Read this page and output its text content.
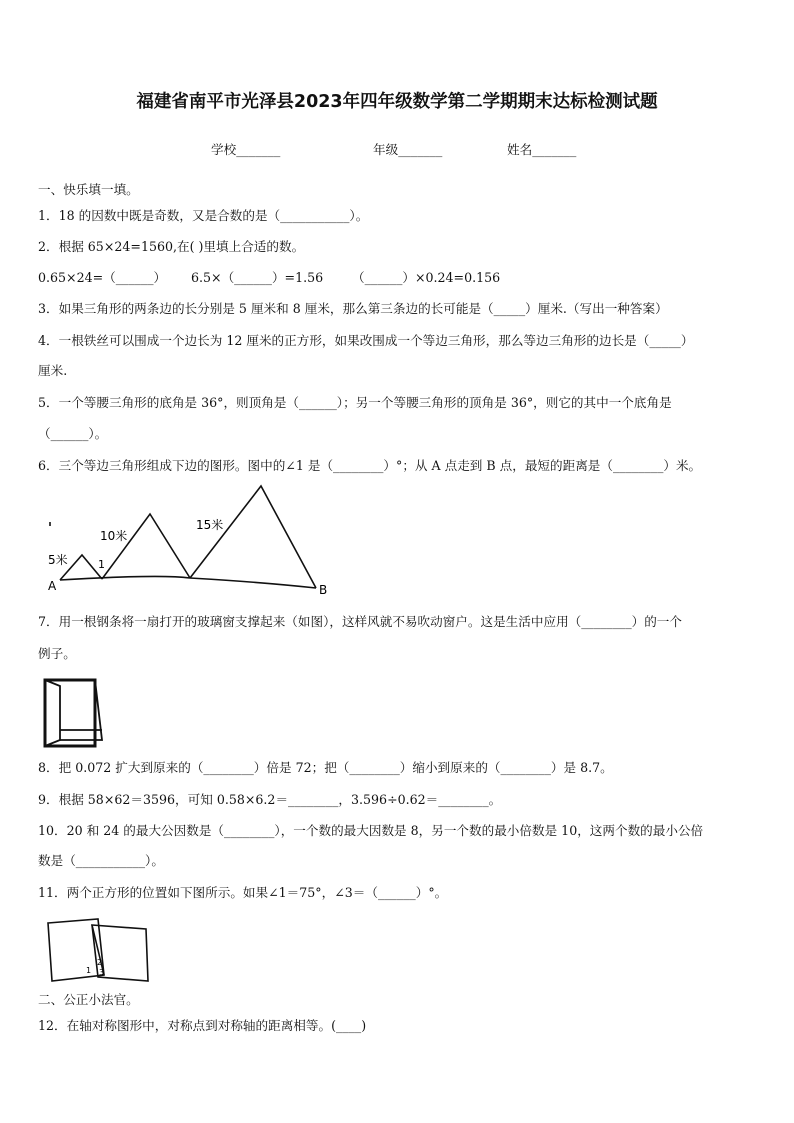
福建省南平市光泽县2023年四年级数学第二学期期末达标检测试题
学校_______	年级_______	姓名_______
一、快乐填一填。
1．18 的因数中既是奇数，又是合数的是（___________）。
2．根据 65×24=1560,在( )里填上合适的数。
0.65×24=（______） 6.5×（______）=1.56 （______）×0.24=0.156
3．如果三角形的两条边的长分别是 5 厘米和 8 厘米，那么第三条边的长可能是（_____）厘米.（写出一种答案）
4．一根铁丝可以围成一个边长为 12 厘米的正方形，如果改围成一个等边三角形，那么等边三角形的边长是（_____）
厘米.
5．一个等腰三角形的底角是 36°，则顶角是（______）；另一个等腰三角形的顶角是 36°，则它的其中一个底角是
（______）。
6．三个等边三角形组成下边的图形。图中的∠1 是（________）°；从 A 点走到 B 点，最短的距离是（________）米。
5米
10米
15米
1
A	B
7．用一根钢条将一扇打开的玻璃窗支撑起来（如图），这样风就不易吹动窗户。这是生活中应用（________）的一个
例子。
8．把 0.072 扩大到原来的（________）倍是 72；把（________）缩小到原来的（________）是 8.7。
9．根据 58×62＝3596，可知 0.58×6.2＝________，3.596÷0.62＝________。
10．20 和 24 的最大公因数是（________），一个数的最大因数是 8，另一个数的最小倍数是 10，这两个数的最小公倍
数是（___________）。
11．两个正方形的位置如下图所示。如果∠1＝75°，∠3＝（______）°。
1
2
3
二、公正小法官。
12．在轴对称图形中，对称点到对称轴的距离相等。(____)
